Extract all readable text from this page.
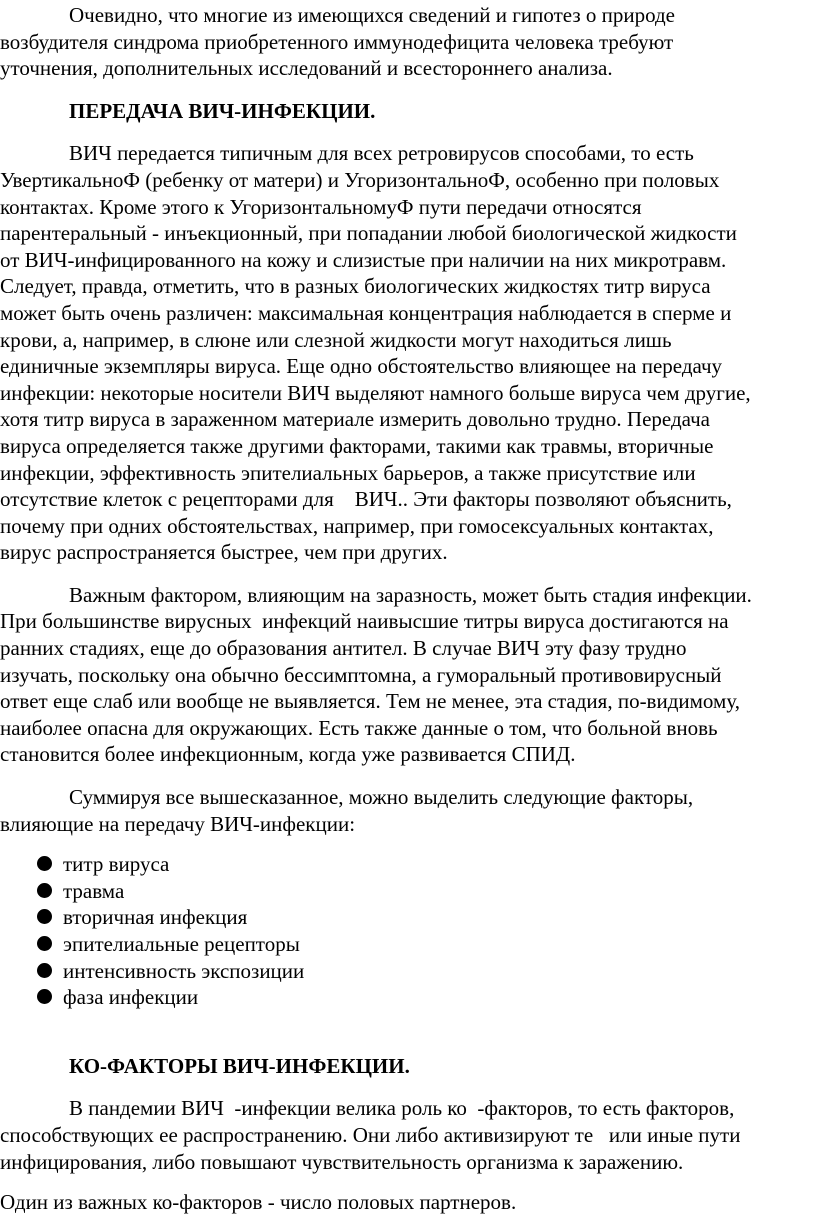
Очевидно, что многие из имеющихся сведений и гипотез о природе
возбудителя синдрома приобретенного иммунодефицита человека требуют
уточнения, дополнительных исследований и всестороннего анализа.
ПЕРЕДАЧА ВИЧ-ИНФЕКЦИИ.
ВИЧ передается типичным для всех ретровирусов способами, то есть
УвертикальноФ (ребенку от матери) и УгоризонтальноФ, особенно при половых
контактах. Кроме этого к УгоризонтальномуФ пути передачи относятся
парентеральный - инъекционный, при попадании любой биологической жидкости
от ВИЧ-инфицированного на кожу и слизистые при наличии на них микротравм.
Следует, правда, отметить, что в разных биологических жидкостях титр вируса
может быть очень различен: максимальная концентрация наблюдается в сперме и
крови, а, например, в слюне или слезной жидкости могут находиться лишь
единичные экземпляры вируса. Еще одно обстоятельство влияющее на передачу
инфекции: некоторые носители ВИЧ выделяют намного больше вируса чем другие,
хотя титр вируса в зараженном материале измерить довольно трудно. Передача
вируса определяется также другими факторами, такими как травмы, вторичные
инфекции, эффективность эпителиальных барьеров, а также присутствие или
отсутствие клеток с рецепторами для    ВИЧ.. Эти факторы позволяют объяснить,
почему при одних обстоятельствах, например, при гомосексуальных контактах,
вирус распространяется быстрее, чем при других.
Важным фактором, влияющим на заразность, может быть стадия инфекции.
При большинстве вирусных  инфекций наивысшие титры вируса достигаются на
ранних стадиях, еще до образования антител. В случае ВИЧ эту фазу трудно
изучать, поскольку она обычно бессимптомна, а гуморальный противовирусный
ответ еще слаб или вообще не выявляется. Тем не менее, эта стадия, по-видимому,
наиболее опасна для окружающих. Есть также данные о том, что больной вновь
становится более инфекционным, когда уже развивается СПИД.
Суммируя все вышесказанное, можно выделить следующие факторы,
влияющие на передачу ВИЧ-инфекции:
титр вируса
травма
вторичная инфекция
эпителиальные рецепторы
интенсивность экспозиции
фаза инфекции
КО-ФАКТОРЫ ВИЧ-ИНФЕКЦИИ.
В пандемии ВИЧ  -инфекции велика роль ко  -факторов, то есть факторов,
способствующих ее распространению. Они либо активизируют те   или иные пути
инфицирования, либо повышают чувствительность организма к заражению.
Один из важных ко-факторов - число половых партнеров.
